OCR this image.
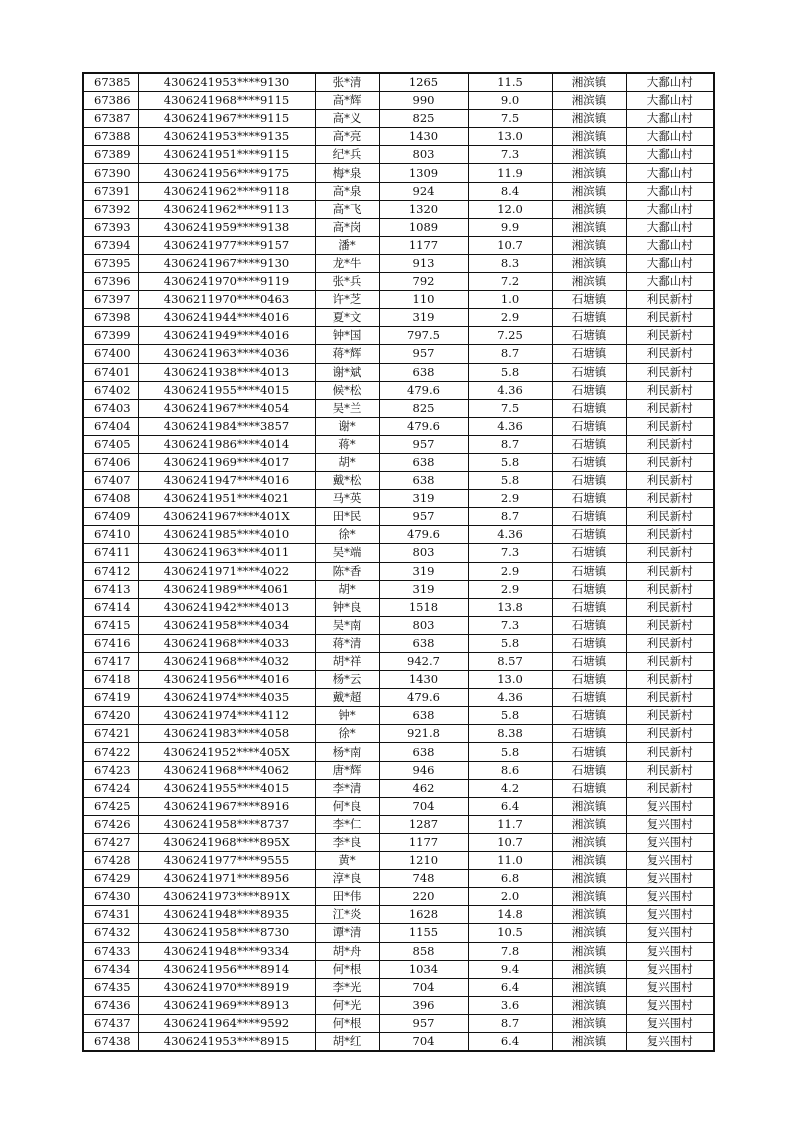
67385	4306241953****9130	张*清	1265	11.5	湘滨镇	大鄱山村
67386	4306241968****9115	高*辉	990	9.0	湘滨镇	大鄱山村
67387	4306241967****9115	高*义	825	7.5	湘滨镇	大鄱山村
67388	4306241953****9135	高*亮	1430	13.0	湘滨镇	大鄱山村
67389	4306241951****9115	纪*兵	803	7.3	湘滨镇	大鄱山村
67390	4306241956****9175	梅*泉	1309	11.9	湘滨镇	大鄱山村
67391	4306241962****9118	高*泉	924	8.4	湘滨镇	大鄱山村
67392	4306241962****9113	高*飞	1320	12.0	湘滨镇	大鄱山村
67393	4306241959****9138	高*岗	1089	9.9	湘滨镇	大鄱山村
67394	4306241977****9157	潘*	1177	10.7	湘滨镇	大鄱山村
67395	4306241967****9130	龙*牛	913	8.3	湘滨镇	大鄱山村
67396	4306241970****9119	张*兵	792	7.2	湘滨镇	大鄱山村
67397	4306211970****0463	许*芝	110	1.0	石塘镇	利民新村
67398	4306241944****4016	夏*文	319	2.9	石塘镇	利民新村
67399	4306241949****4016	钟*国	797.5	7.25	石塘镇	利民新村
67400	4306241963****4036	蒋*辉	957	8.7	石塘镇	利民新村
67401	4306241938****4013	谢*斌	638	5.8	石塘镇	利民新村
67402	4306241955****4015	候*松	479.6	4.36	石塘镇	利民新村
67403	4306241967****4054	吴*兰	825	7.5	石塘镇	利民新村
67404	4306241984****3857	谢*	479.6	4.36	石塘镇	利民新村
67405	4306241986****4014	蒋*	957	8.7	石塘镇	利民新村
67406	4306241969****4017	胡*	638	5.8	石塘镇	利民新村
67407	4306241947****4016	戴*松	638	5.8	石塘镇	利民新村
67408	4306241951****4021	马*英	319	2.9	石塘镇	利民新村
67409	4306241967****401X	田*民	957	8.7	石塘镇	利民新村
67410	4306241985****4010	徐*	479.6	4.36	石塘镇	利民新村
67411	4306241963****4011	吴*端	803	7.3	石塘镇	利民新村
67412	4306241971****4022	陈*香	319	2.9	石塘镇	利民新村
67413	4306241989****4061	胡*	319	2.9	石塘镇	利民新村
67414	4306241942****4013	钟*良	1518	13.8	石塘镇	利民新村
67415	4306241958****4034	吴*南	803	7.3	石塘镇	利民新村
67416	4306241968****4033	蒋*清	638	5.8	石塘镇	利民新村
67417	4306241968****4032	胡*祥	942.7	8.57	石塘镇	利民新村
67418	4306241956****4016	杨*云	1430	13.0	石塘镇	利民新村
67419	4306241974****4035	戴*超	479.6	4.36	石塘镇	利民新村
67420	4306241974****4112	钟*	638	5.8	石塘镇	利民新村
67421	4306241983****4058	徐*	921.8	8.38	石塘镇	利民新村
67422	4306241952****405X	杨*南	638	5.8	石塘镇	利民新村
67423	4306241968****4062	唐*辉	946	8.6	石塘镇	利民新村
67424	4306241955****4015	李*清	462	4.2	石塘镇	利民新村
67425	4306241967****8916	何*良	704	6.4	湘滨镇	复兴围村
67426	4306241958****8737	李*仁	1287	11.7	湘滨镇	复兴围村
67427	4306241968****895X	李*良	1177	10.7	湘滨镇	复兴围村
67428	4306241977****9555	黄*	1210	11.0	湘滨镇	复兴围村
67429	4306241971****8956	淳*良	748	6.8	湘滨镇	复兴围村
67430	4306241973****891X	田*伟	220	2.0	湘滨镇	复兴围村
67431	4306241948****8935	江*炎	1628	14.8	湘滨镇	复兴围村
67432	4306241958****8730	谭*清	1155	10.5	湘滨镇	复兴围村
67433	4306241948****9334	胡*舟	858	7.8	湘滨镇	复兴围村
67434	4306241956****8914	何*根	1034	9.4	湘滨镇	复兴围村
67435	4306241970****8919	李*光	704	6.4	湘滨镇	复兴围村
67436	4306241969****8913	何*光	396	3.6	湘滨镇	复兴围村
67437	4306241964****9592	何*根	957	8.7	湘滨镇	复兴围村
67438	4306241953****8915	胡*红	704	6.4	湘滨镇	复兴围村
